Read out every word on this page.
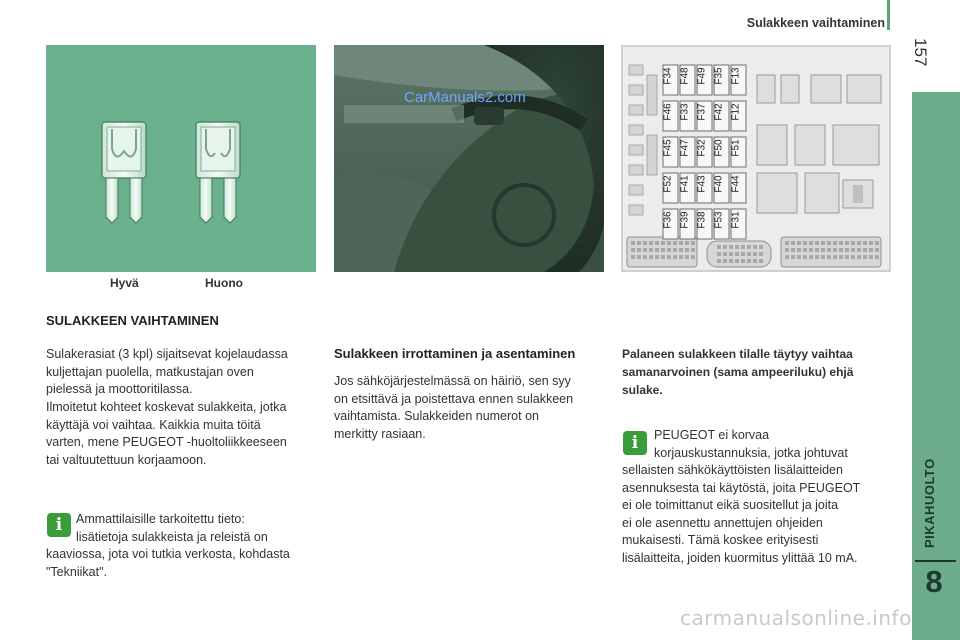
Sulakkeen vaihtaminen
157
PIKAHUOLTO
8
Hyvä	Huono
CarManuals2.com
F34 F48 F49 F35 F13
F46 F33 F37 F42 F12
F45 F47 F32 F50 F51
F52 F41 F43 F40 F44
F36 F39 F38 F53 F31
SULAKKEEN VAIHTAMINEN
Sulakerasiat (3 kpl) sijaitsevat kojelaudassa
kuljettajan puolella, matkustajan oven
pielessä ja moottoritilassa.
Ilmoitetut kohteet koskevat sulakkeita, jotka
käyttäjä voi vaihtaa. Kaikkia muita töitä
varten, mene PEUGEOT -huoltoliikkeeseen
tai valtuutettuun korjaamoon.
i	Ammattilaisille tarkoitettu tieto:
lisätietoja sulakkeista ja releistä on
kaaviossa, jota voi tutkia verkosta, kohdasta
"Tekniikat".
Sulakkeen irrottaminen ja asentaminen
Jos sähköjärjestelmässä on häiriö, sen syy
on etsittävä ja poistettava ennen sulakkeen
vaihtamista. Sulakkeiden numerot on
merkitty rasiaan.
Palaneen sulakkeen tilalle täytyy vaihtaa
samanarvoinen (sama ampeeriluku) ehjä
sulake.
i	PEUGEOT ei korvaa
korjauskustannuksia, jotka johtuvat
sellaisten sähkökäyttöisten lisälaitteiden
asennuksesta tai käytöstä, joita PEUGEOT
ei ole toimittanut eikä suositellut ja joita
ei ole asennettu annettujen ohjeiden
mukaisesti. Tämä koskee erityisesti
lisälaitteita, joiden kuormitus ylittää 10 mA.
carmanualsonline.info
